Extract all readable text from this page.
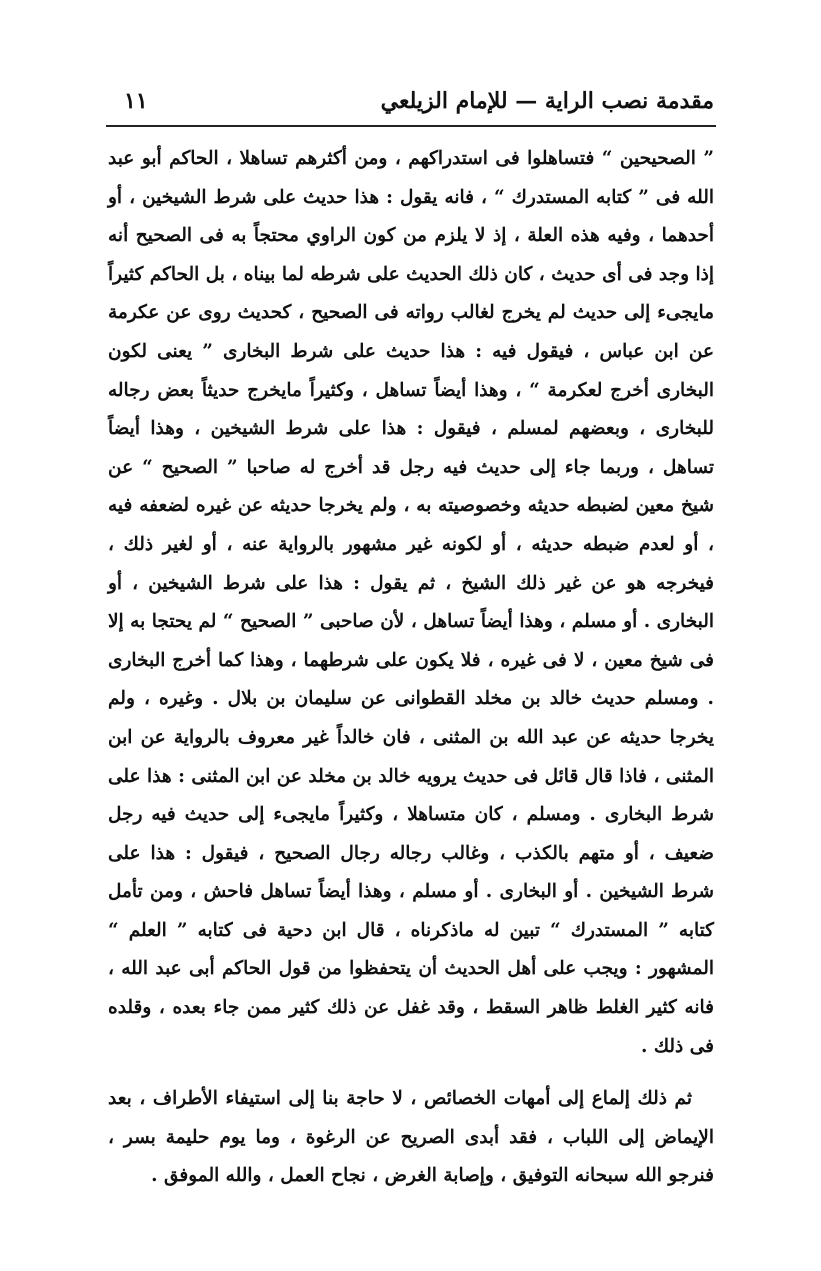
مقدمة نصب الراية — للإمام الزيلعي
١١

” الصحيحين “ فتساهلوا فى استدراكهم ، ومن أكثرهم تساهلا ، الحاكم أبو عبد الله فى ” كتابه المستدرك “ ، فانه يقول : هذا حديث على شرط الشيخين ، أو أحدهما ، وفيه هذه العلة ، إذ لا يلزم من كون الراوي محتجاً به فى الصحيح أنه إذا وجد فى أى حديث ، كان ذلك الحديث على شرطه لما بيناه ، بل الحاكم كثيراً مايجىء إلى حديث لم يخرج لغالب رواته فى الصحيح ، كحديث روى عن عكرمة عن ابن عباس ، فيقول فيه : هذا حديث على شرط البخارى ” يعنى لكون البخارى أخرج لعكرمة “ ، وهذا أيضاً تساهل ، وكثيراً مايخرج حديثاً بعض رجاله للبخارى ، وبعضهم لمسلم ، فيقول : هذا على شرط الشيخين ، وهذا أيضاً تساهل ، وربما جاء إلى حديث فيه رجل قد أخرج له صاحبا ” الصحيح “ عن شيخ معين لضبطه حديثه وخصوصيته به ، ولم يخرجا حديثه عن غيره لضعفه فيه ، أو لعدم ضبطه حديثه ، أو لكونه غير مشهور بالرواية عنه ، أو لغير ذلك ، فيخرجه هو عن غير ذلك الشيخ ، ثم يقول : هذا على شرط الشيخين ، أو البخارى . أو مسلم ، وهذا أيضاً تساهل ، لأن صاحبى ” الصحيح “ لم يحتجا به إلا فى شيخ معين ، لا فى غيره ، فلا يكون على شرطهما ، وهذا كما أخرج البخارى . ومسلم حديث خالد بن مخلد القطوانى عن سليمان بن بلال . وغيره ، ولم يخرجا حديثه عن عبد الله بن المثنى ، فان خالداً غير معروف بالرواية عن ابن المثنى ، فاذا قال قائل فى حديث يرويه خالد بن مخلد عن ابن المثنى : هذا على شرط البخارى . ومسلم ، كان متساهلا ، وكثيراً مايجىء إلى حديث فيه رجل ضعيف ، أو متهم بالكذب ، وغالب رجاله رجال الصحيح ، فيقول : هذا على شرط الشيخين . أو البخارى . أو مسلم ، وهذا أيضاً تساهل فاحش ، ومن تأمل كتابه ” المستدرك “ تبين له ماذكرناه ، قال ابن دحية فى كتابه ” العلم “ المشهور : ويجب على أهل الحديث أن يتحفظوا من قول الحاكم أبى عبد الله ، فانه كثير الغلط ظاهر السقط ، وقد غفل عن ذلك كثير ممن جاء بعده ، وقلده فى ذلك .

ثم ذلك إلماع إلى أمهات الخصائص ، لا حاجة بنا إلى استيفاء الأطراف ، بعد الإيماض إلى اللباب ، فقد أبدى الصريح عن الرغوة ، وما يوم حليمة بسر ، فنرجو الله سبحانه التوفيق ، وإصابة الغرض ، نجاح العمل ، والله الموفق .
